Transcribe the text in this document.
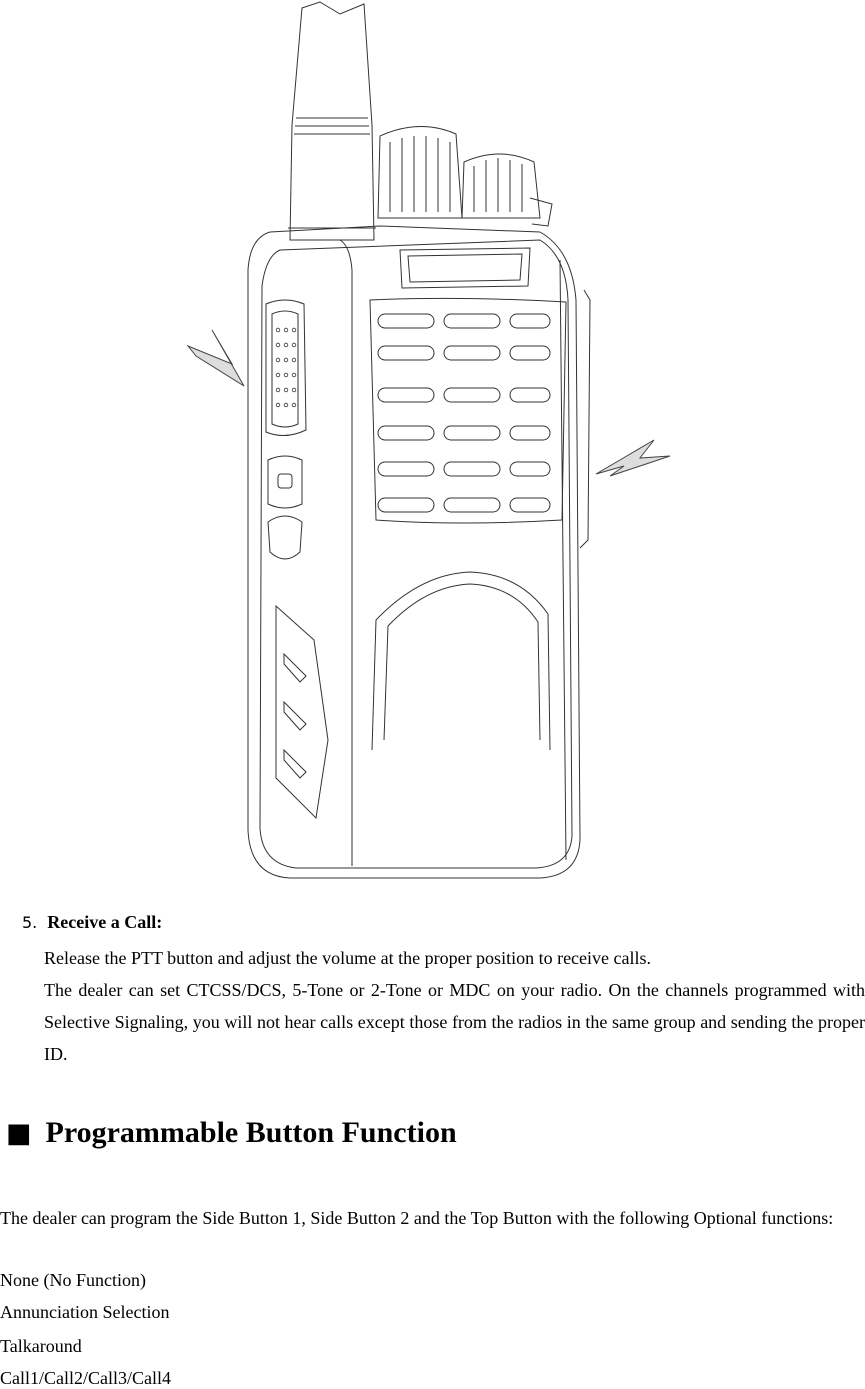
5. Receive a Call:
Release the PTT button and adjust the volume at the proper position to receive calls.
The dealer can set CTCSS/DCS, 5-Tone or 2-Tone or MDC on your radio. On the channels programmed with Selective Signaling, you will not hear calls except those from the radios in the same group and sending the proper ID.
■ Programmable Button Function
The dealer can program the Side Button 1, Side Button 2 and the Top Button with the following Optional functions:
None (No Function)
Annunciation Selection
Talkaround
Call1/Call2/Call3/Call4
